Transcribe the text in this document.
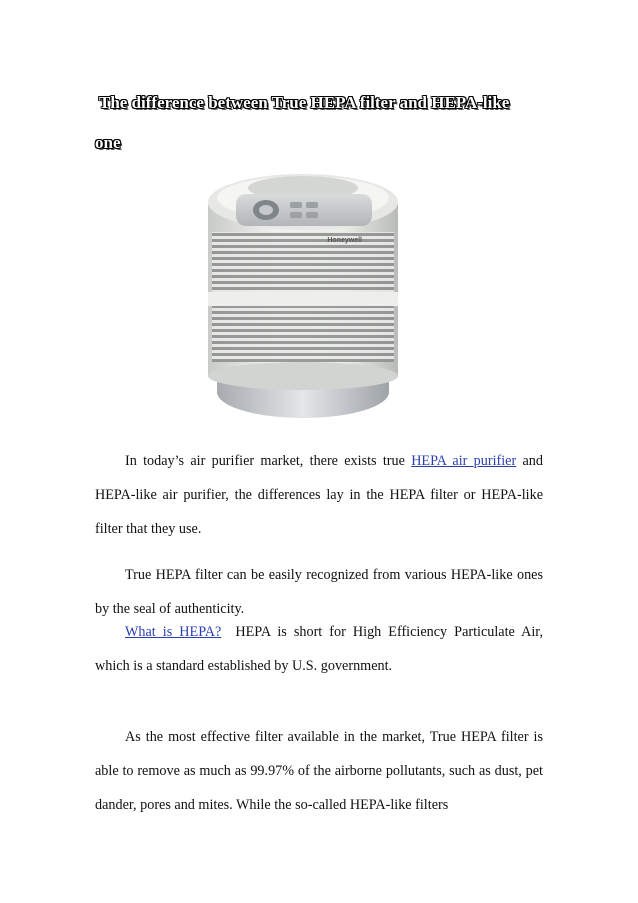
The difference between True HEPA filter and HEPA-like
one
Honeywell

In today’s air purifier market, there exists true HEPA air purifier and HEPA-like air purifier, the differences lay in the HEPA filter or HEPA-like filter that they use.

True HEPA filter can be easily recognized from various HEPA-like ones by the seal of authenticity.

What is HEPA? HEPA is short for High Efficiency Particulate Air, which is a standard established by U.S. government.

As the most effective filter available in the market, True HEPA filter is able to remove as much as 99.97% of the airborne pollutants, such as dust, pet dander, pores and mites. While the so-called HEPA-like filters
